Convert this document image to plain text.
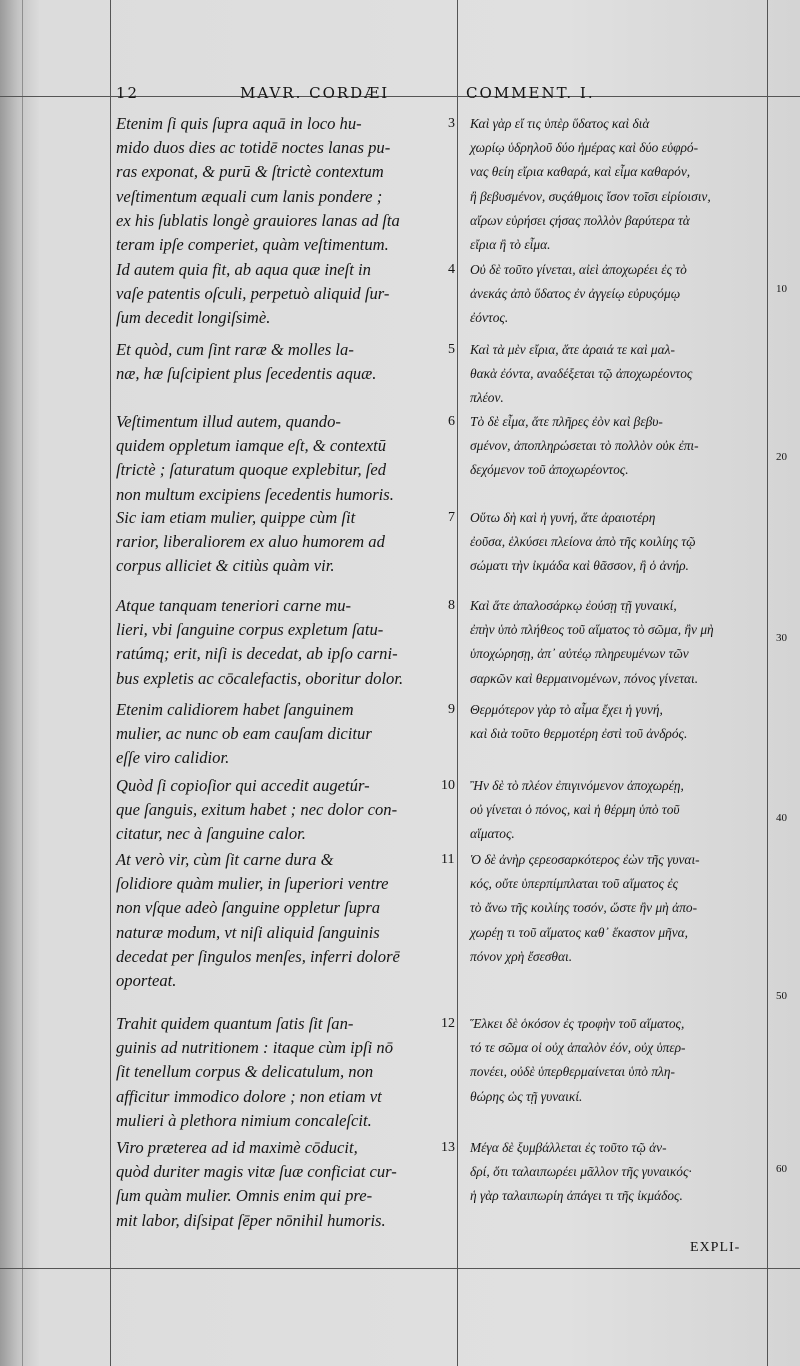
12	MAVR. CORDÆI	COMMENT. I.
Etenim ſi quis ſupra aquā in loco hu-
mido duos dies ac totidē noctes lanas pu-
ras exponat, & purū & ſtrictè contextum
veſtimentum æquali cum lanis pondere ;
ex his ſublatis longè grauiores lanas ad ſta
teram ipſe comperiet, quàm veſtimentum.
3 Καὶ γὰρ εἴ τις ὑπὲρ ὕδατος καὶ διὰ
χωρίῳ ὑδρηλοῦ δύο ἡμέρας καὶ δύο εὐφρό-
νας θείη εἴρια καθαρά, καὶ εἷμα καθαρόν,
ἢ βεβυσμένον, συςάθμοις ἴσον τοῖσι εἰρίοισιν,
αἴρων εὑρήσει ςήσας πολλὸν βαρύτερα τὰ
εἴρια ἢ τὸ εἷμα.
Id autem quia fit, ab aqua quæ ineſt in
vaſe patentis oſculi, perpetuò aliquid ſur-
ſum decedit longiſsimè.
4 Οὐ δὲ τοῦτο γίνεται, αἰεὶ ἀποχωρέει ἐς τὸ
ἀνεκάς ἀπὸ ὕδατος ἐν ἀγγείῳ εὐρυςόμῳ
ἐόντος.
Et quòd, cum ſint raræ & molles la-
næ, hæ ſuſcipient plus ſecedentis aquæ.
5 Καὶ τὰ μὲν εἴρια, ἅτε ἀραιά τε καὶ μαλ-
θακὰ ἐόντα, αναδέξεται τῷ ἀποχωρέοντος
πλέον.
Veſtimentum illud autem, quando-
quidem oppletum iamque eſt, & contextū
ſtrictè ; ſaturatum quoque explebitur, ſed
non multum excipiens ſecedentis humoris.
6 Τὸ δὲ εἷμα, ἅτε πλῆρες ἐὸν καὶ βεβυ-
σμένον, ἀποπληρώσεται τὸ πολλὸν οὐκ ἐπι-
δεχόμενον τοῦ ἀποχωρέοντος.
Sic iam etiam mulier, quippe cùm ſit
rarior, liberaliorem ex aluo humorem ad
corpus alliciet & citiùs quàm vir.
7 Οὕτω δὴ καὶ ἡ γυνή, ἅτε ἀραιοτέρη
ἐοῦσα, ἑλκύσει πλείονα ἀπὸ τῆς κοιλίης τῷ
σώματι τὴν ἰκμάδα καὶ θᾶσσον, ἢ ὁ ἀνήρ.
Atque tanquam teneriori carne mu-
lieri, vbi ſanguine corpus expletum ſatu-
ratúmq; erit, niſi is decedat, ab ipſo carni-
bus expletis ac cōcalefactis, oboritur dolor.
8 Καὶ ἅτε ἁπαλοσάρκῳ ἐούσῃ τῇ γυναικί,
ἐπὴν ὑπὸ πλήθεος τοῦ αἵματος τὸ σῶμα, ἢν μὴ
ὑποχώρησῃ, ἀπ᾽ αὐτέῳ πληρευμένων τῶν
σαρκῶν καὶ θερμαινομένων, πόνος γίνεται.
Etenim calidiorem habet ſanguinem
mulier, ac nunc ob eam cauſam dicitur
eſſe viro calidior.
9 Θερμότερον γὰρ τὸ αἷμα ἔχει ἡ γυνή,
καὶ διὰ τοῦτο θερμοτέρη ἐστὶ τοῦ ἀνδρός.
Quòd ſi copioſior qui accedit augetúr-
que ſanguis, exitum habet ; nec dolor con-
citatur, nec à ſanguine calor.
10 Ἢν δὲ τὸ πλέον ἐπιγινόμενον ἀποχωρέῃ,
οὐ γίνεται ὁ πόνος, καὶ ἡ θέρμη ὑπὸ τοῦ
αἵματος.
At verò vir, cùm ſit carne dura &
ſolidiore quàm mulier, in ſuperiori ventre
non vſque adeò ſanguine oppletur ſupra
naturæ modum, vt niſi aliquid ſanguinis
decedat per ſingulos menſes, inferri dolorē
oporteat.
11 Ὁ δὲ ἀνὴρ ςερεοσαρκότερος ἐὼν τῆς γυναι-
κός, οὔτε ὑπερπίμπλαται τοῦ αἵματος ἐς
τὸ ἄνω τῆς κοιλίης τοσόν, ὥστε ἢν μὴ ἀπο-
χωρέῃ τι τοῦ αἵματος καθ᾽ ἕκαστον μῆνα,
πόνον χρὴ ἔσεσθαι.
Trahit quidem quantum ſatis ſit ſan-
guinis ad nutritionem : itaque cùm ipſi nō
ſit tenellum corpus & delicatulum, non
afficitur immodico dolore ; non etiam vt
mulieri à plethora nimium concaleſcit.
12 Ἕλκει δὲ ὁκόσον ἐς τροφὴν τοῦ αἵματος,
τό τε σῶμα οἱ οὐχ ἁπαλὸν ἐόν, οὐχ ὑπερ-
πονέει, οὐδὲ ὑπερθερμαίνεται ὑπὸ πλη-
θώρης ὡς τῇ γυναικί.
Viro præterea ad id maximè cōducit,
quòd duriter magis vitæ ſuæ conficiat cur-
ſum quàm mulier. Omnis enim qui pre-
mit labor, diſsipat ſēper nōnihil humoris.
13 Μέγα δὲ ξυμβάλλεται ἐς τοῦτο τῷ ἀν-
δρί, ὅτι ταλαιπωρέει μᾶλλον τῆς γυναικός·
ἡ γὰρ ταλαιπωρίη ἀπάγει τι τῆς ἰκμάδος.
10
20
30
40
50
60
EXPLI-
